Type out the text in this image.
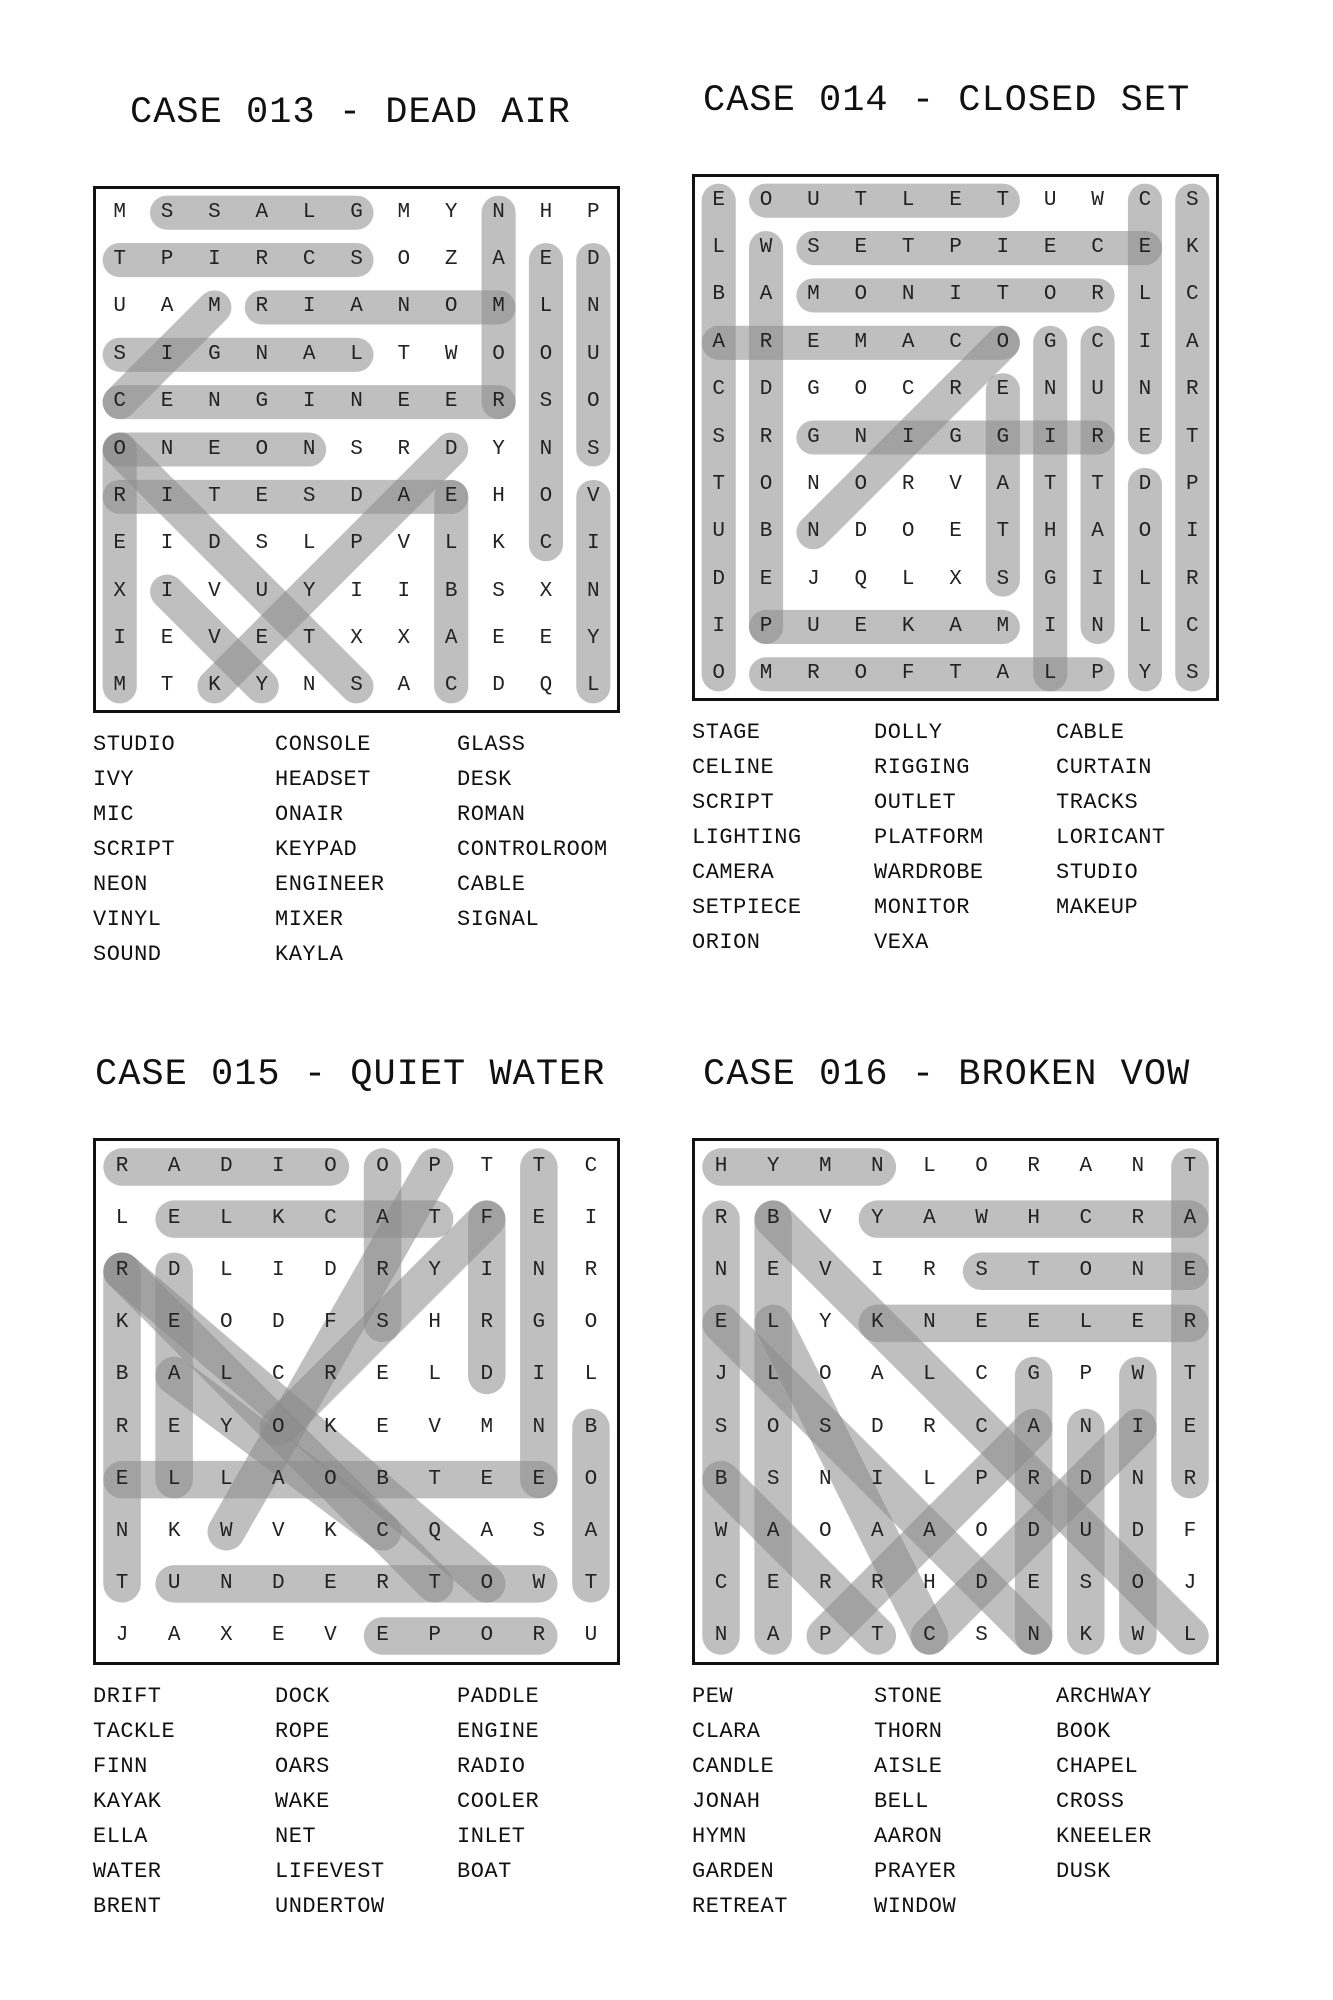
CASE 013 - DEAD AIR
M	S	S	A	L	G	M	Y	N	H	P
T	P	I	R	C	S	O	Z	A	E	D
U	A	M	R	I	A	N	O	M	L	N
S	I	G	N	A	L	T	W	O	O	U
C	E	N	G	I	N	E	E	R	S	O
O	N	E	O	N	S	R	D	Y	N	S
R	I	T	E	S	D	A	E	H	O	V
E	I	D	S	L	P	V	L	K	C	I
X	I	V	U	Y	I	I	B	S	X	N
I	E	V	E	T	X	X	A	E	E	Y
M	T	K	Y	N	S	A	C	D	Q	L
STUDIO
IVY
MIC
SCRIPT
NEON
VINYL
SOUND
CONSOLE
HEADSET
ONAIR
KEYPAD
ENGINEER
MIXER
KAYLA
GLASS
DESK
ROMAN
CONTROLROOM
CABLE
SIGNAL
CASE 014 - CLOSED SET
E	O	U	T	L	E	T	U	W	C	S
L	W	S	E	T	P	I	E	C	E	K
B	A	M	O	N	I	T	O	R	L	C
A	R	E	M	A	C	O	G	C	I	A
C	D	G	O	C	R	E	N	U	N	R
S	R	G	N	I	G	G	I	R	E	T
T	O	N	O	R	V	A	T	T	D	P
U	B	N	D	O	E	T	H	A	O	I
D	E	J	Q	L	X	S	G	I	L	R
I	P	U	E	K	A	M	I	N	L	C
O	M	R	O	F	T	A	L	P	Y	S
STAGE
CELINE
SCRIPT
LIGHTING
CAMERA
SETPIECE
ORION
DOLLY
RIGGING
OUTLET
PLATFORM
WARDROBE
MONITOR
VEXA
CABLE
CURTAIN
TRACKS
LORICANT
STUDIO
MAKEUP
CASE 015 - QUIET WATER
R	A	D	I	O	O	P	T	T	C
L	E	L	K	C	A	T	F	E	I
R	D	L	I	D	R	Y	I	N	R
K	E	O	D	F	S	H	R	G	O
B	A	L	C	R	E	L	D	I	L
R	E	Y	O	K	E	V	M	N	B
E	L	L	A	O	B	T	E	E	O
N	K	W	V	K	C	Q	A	S	A
T	U	N	D	E	R	T	O	W	T
J	A	X	E	V	E	P	O	R	U
DRIFT
TACKLE
FINN
KAYAK
ELLA
WATER
BRENT
DOCK
ROPE
OARS
WAKE
NET
LIFEVEST
UNDERTOW
PADDLE
ENGINE
RADIO
COOLER
INLET
BOAT
CASE 016 - BROKEN VOW
H	Y	M	N	L	O	R	A	N	T
R	B	V	Y	A	W	H	C	R	A
N	E	V	I	R	S	T	O	N	E
E	L	Y	K	N	E	E	L	E	R
J	L	O	A	L	C	G	P	W	T
S	O	S	D	R	C	A	N	I	E
B	S	N	I	L	P	R	D	N	R
W	A	O	A	A	O	D	U	D	F
C	E	R	R	H	D	E	S	O	J
N	A	P	T	C	S	N	K	W	L
PEW
CLARA
CANDLE
JONAH
HYMN
GARDEN
RETREAT
STONE
THORN
AISLE
BELL
AARON
PRAYER
WINDOW
ARCHWAY
BOOK
CHAPEL
CROSS
KNEELER
DUSK
